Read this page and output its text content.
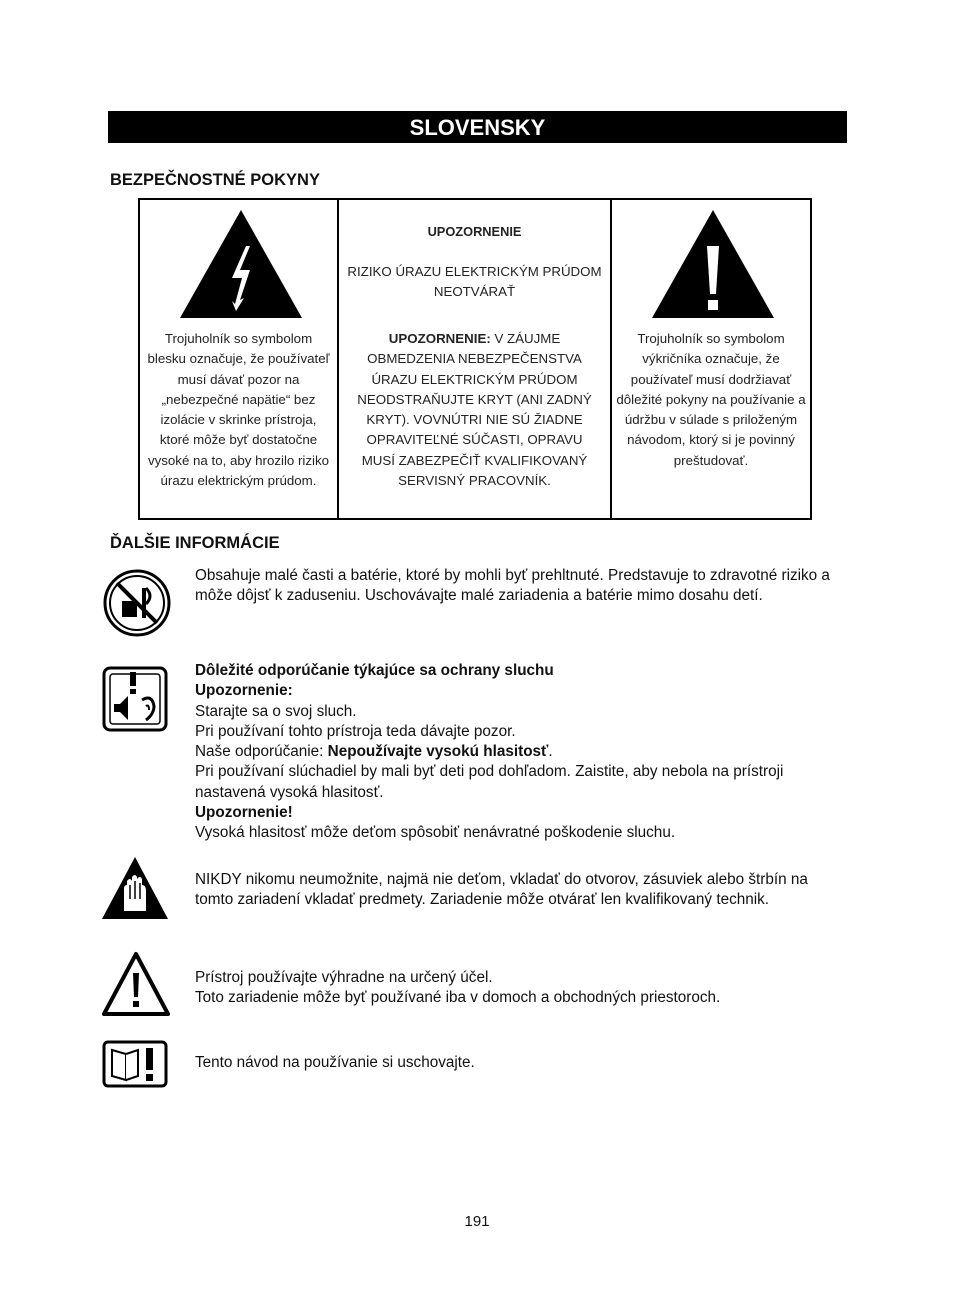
SLOVENSKY
BEZPEČNOSTNÉ POKYNY
Trojuholník so symbolom blesku označuje, že používateľ musí dávať pozor na „nebezpečné napätie“ bez izolácie v skrinke prístroja, ktoré môže byť dostatočne vysoké na to, aby hrozilo riziko úrazu elektrickým prúdom.
UPOZORNENIE
RIZIKO ÚRAZU ELEKTRICKÝM PRÚDOM NEOTVÁRAŤ
UPOZORNENIE: V ZÁUJME OBMEDZENIA NEBEZPEČENSTVA ÚRAZU ELEKTRICKÝM PRÚDOM NEODSTRAŇUJTE KRYT (ANI ZADNÝ KRYT). VOVNÚTRI NIE SÚ ŽIADNE OPRAVITEĽNÉ SÚČASTI, OPRAVU MUSÍ ZABEZPEČIŤ KVALIFIKOVANÝ SERVISNÝ PRACOVNÍK.
Trojuholník so symbolom výkričníka označuje, že používateľ musí dodržiavať dôležité pokyny na používanie a údržbu v súlade s priloženým návodom, ktorý si je povinný preštudovať.
ĎALŠIE INFORMÁCIE
Obsahuje malé časti a batérie, ktoré by mohli byť prehltnuté. Predstavuje to zdravotné riziko a môže dôjsť k zaduseniu. Uschovávajte malé zariadenia a batérie mimo dosahu detí.

Dôležité odporúčanie týkajúce sa ochrany sluchu

Upozornenie:

Starajte sa o svoj sluch.

Pri používaní tohto prístroja teda dávajte pozor.

Naše odporúčanie: Nepoužívajte vysokú hlasitosť.

Pri používaní slúchadiel by mali byť deti pod dohľadom. Zaistite, aby nebola na prístroji nastavená vysoká hlasitosť.

Upozornenie!

Vysoká hlasitosť môže deťom spôsobiť nenávratné poškodenie sluchu.

NIKDY nikomu neumožnite, najmä nie deťom, vkladať do otvorov, zásuviek alebo štrbín na tomto zariadení vkladať predmety. Zariadenie môže otvárať len kvalifikovaný technik.

Prístroj používajte výhradne na určený účel.

Toto zariadenie môže byť používané iba v domoch a obchodných priestoroch.

Tento návod na používanie si uschovajte.
191
